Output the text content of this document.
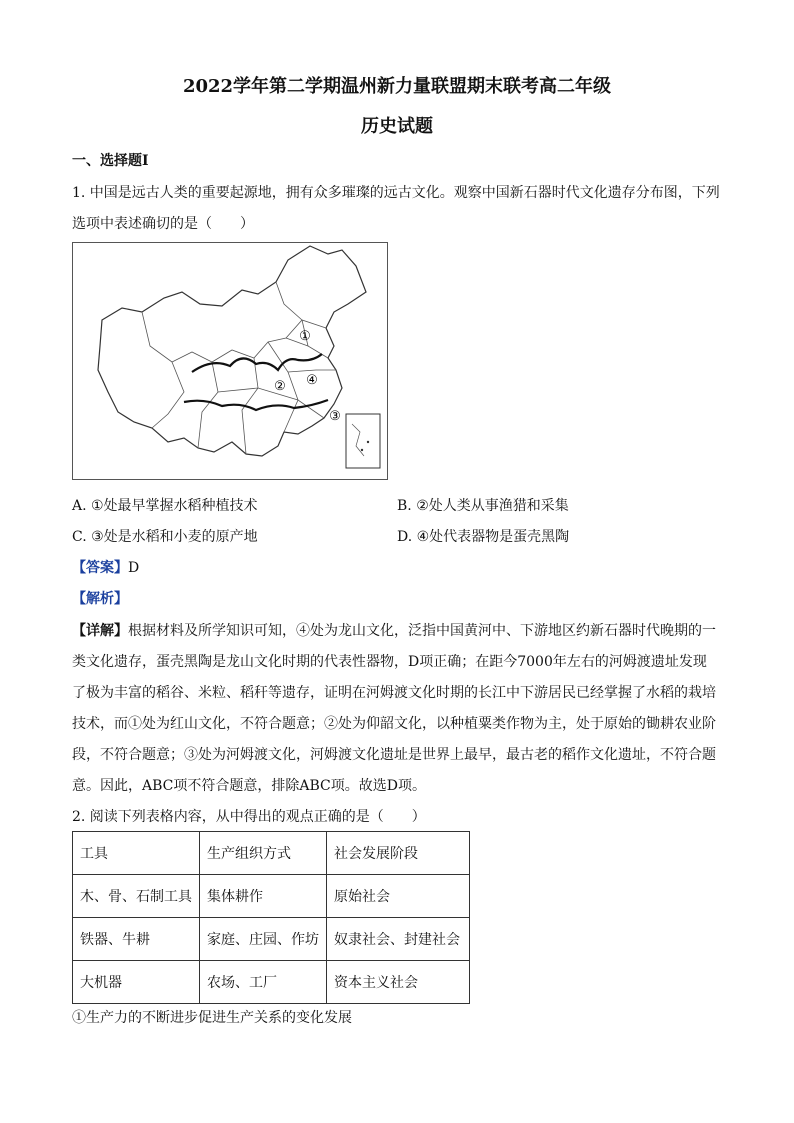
2022学年第二学期温州新力量联盟期末联考高二年级
历史试题
一、选择题Ⅰ
1. 中国是远古人类的重要起源地，拥有众多璀璨的远古文化。观察中国新石器时代文化遗存分布图，下列
选项中表述确切的是（　　）
①
②
③
④
A. ①处最早掌握水稻种植技术	B. ②处人类从事渔猎和采集
C. ③处是水稻和小麦的原产地	D. ④处代表器物是蛋壳黑陶
【答案】D
【解析】
【详解】根据材料及所学知识可知，④处为龙山文化，泛指中国黄河中、下游地区约新石器时代晚期的一
类文化遗存，蛋壳黑陶是龙山文化时期的代表性器物，D项正确；在距今7000年左右的河姆渡遗址发现
了极为丰富的稻谷、米粒、稻秆等遗存，证明在河姆渡文化时期的长江中下游居民已经掌握了水稻的栽培
技术，而①处为红山文化，不符合题意；②处为仰韶文化，以种植粟类作物为主，处于原始的锄耕农业阶
段，不符合题意；③处为河姆渡文化，河姆渡文化遗址是世界上最早，最古老的稻作文化遗址，不符合题
意。因此，ABC项不符合题意，排除ABC项。故选D项。
2. 阅读下列表格内容，从中得出的观点正确的是（　　）
工具	生产组织方式	社会发展阶段
木、骨、石制工具	集体耕作	原始社会
铁器、牛耕	家庭、庄园、作坊	奴隶社会、封建社会
大机器	农场、工厂	资本主义社会
①生产力的不断进步促进生产关系的变化发展
